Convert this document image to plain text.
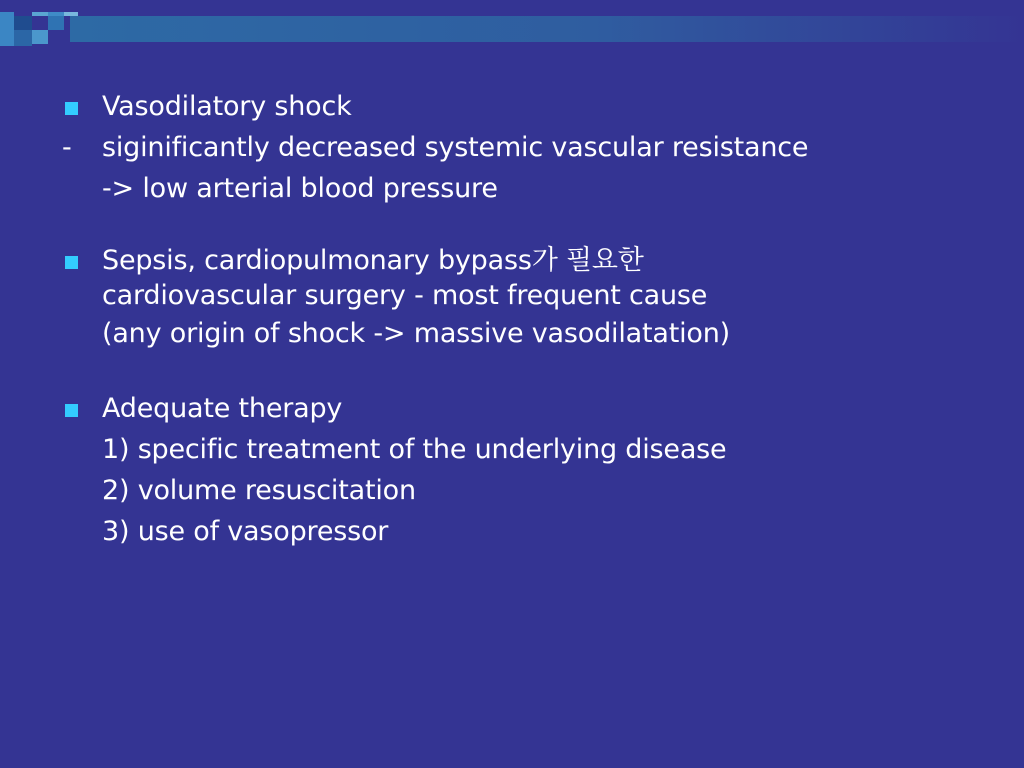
Vasodilatory shock
-	siginificantly decreased systemic vascular resistance
-> low arterial blood pressure
Sepsis, cardiopulmonary bypass가 필요한
cardiovascular surgery - most frequent cause
(any origin of shock -> massive vasodilatation)
Adequate therapy
1) specific treatment of the underlying disease
2) volume resuscitation
3) use of vasopressor
